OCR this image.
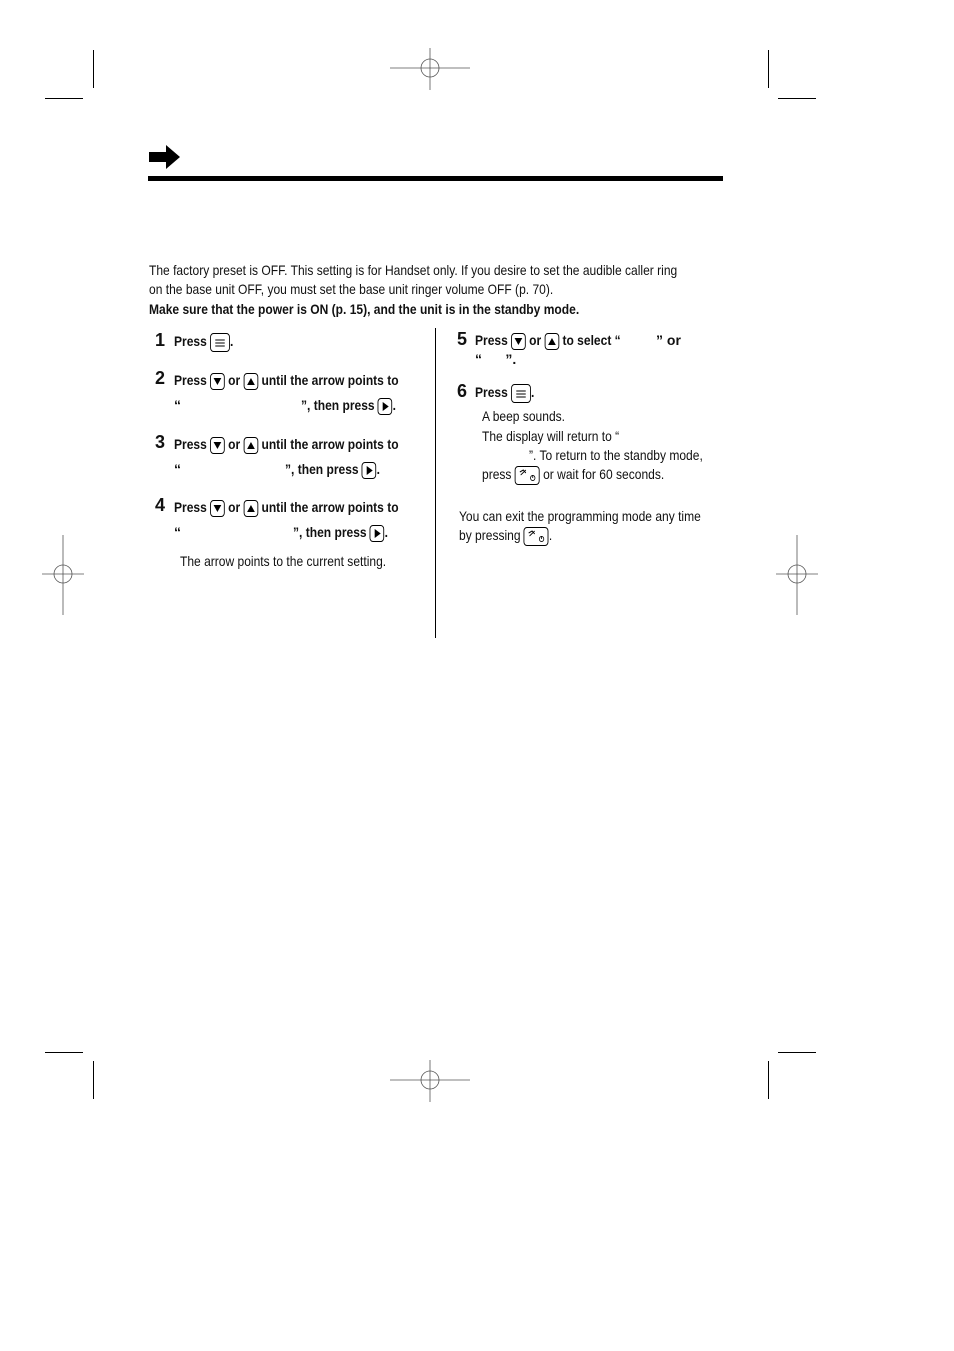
The factory preset is OFF. This setting is for Handset only. If you desire to set the audible caller ring
on the base unit OFF, you must set the base unit ringer volume OFF (p. 70).
Make sure that the power is ON (p. 15), and the unit is in the standby mode.
1 Press .
2 Press or until the arrow points to
“	”, then press .
3 Press or until the arrow points to
“	”, then press .
4 Press or until the arrow points to
“	”, then press .
The arrow points to the current setting.
5 Press or to select “	” or
“      ”.
6 Press .
A beep sounds.
The display will return to “
”. To return to the standby mode,
press or wait for 60 seconds.
You can exit the programming mode any time
by pressing .
